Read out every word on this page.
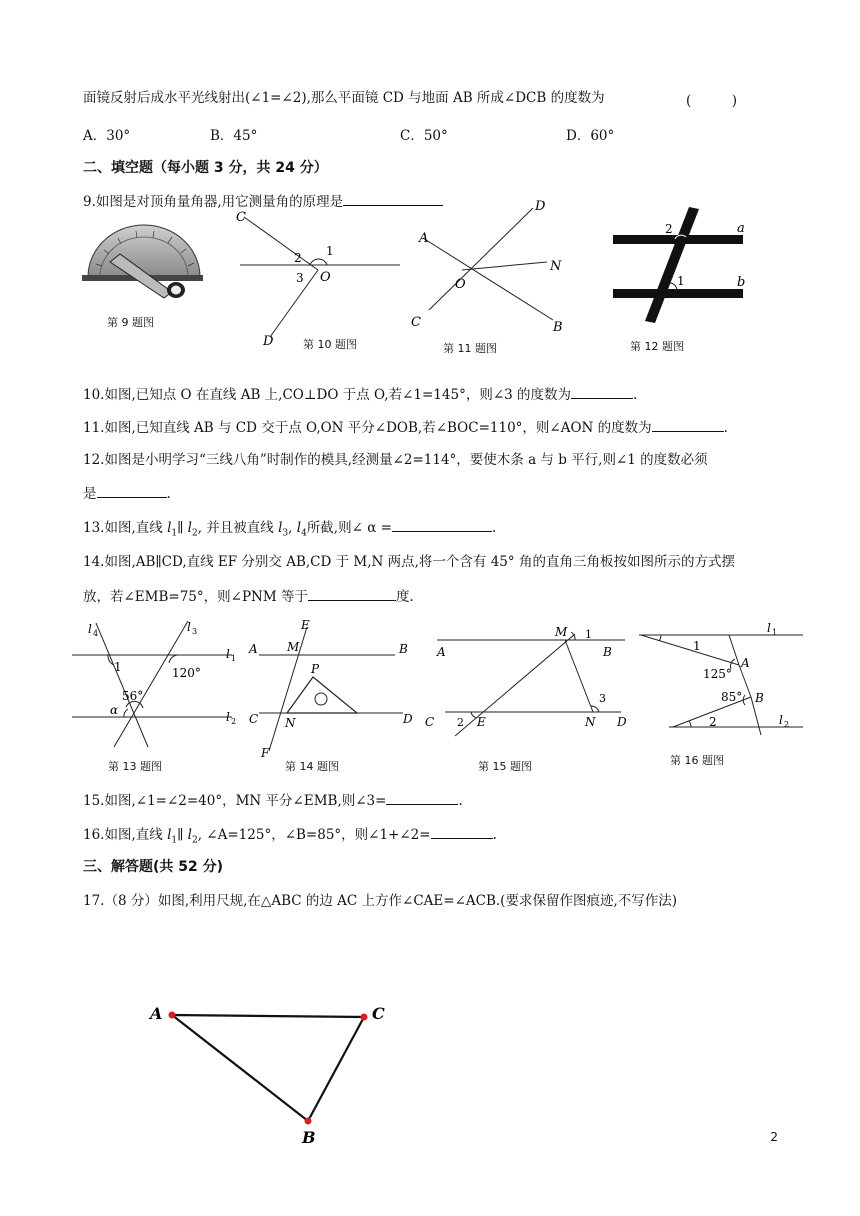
面镜反射后成水平光线射出(∠1=∠2),那么平面镜 CD 与地面 AB 所成∠DCB 的度数为	(　　　)
A．30°	B．45°	C．50°	D．60°
二、填空题（每小题 3 分，共 24 分）
9.如图是对顶角量角器,用它测量角的原理是
第 9 题图
C
D
O
1
2
3
第 10 题图
A
B
C
D
N
O
第 11 题图
2
1
a
b
第 12 题图
10.如图,已知点 O 在直线 AB 上,CO⊥DO 于点 O,若∠1=145°，则∠3 的度数为	.
11.如图,已知直线 AB 与 CD 交于点 O,ON 平分∠DOB,若∠BOC=110°，则∠AON 的度数为	.
12.如图是小明学习“三线八角”时制作的模具,经测量∠2=114°，要使木条 a 与 b 平行,则∠1 的度数必须
是	.
13.如图,直线 $l_1\parallel$ $l_2$, 并且被直线 $l_3$, $l_4$所截,则∠ α =	.
14.如图,AB∥CD,直线 EF 分别交 AB,CD 于 M,N 两点,将一个含有 45° 角的直角三角板按如图所示的方式摆
放，若∠EMB=75°，则∠PNM 等于	度.
l 4	l 3
l 1
l 2
1	120°
56°
α
第 13 题图
A	B
C	D
E
F
M
N
P
第 14 题图
A	B
C	D
E
M
N
1
2
3
第 15 题图
l 1
l 2
A
B
1
2
125°
85°
第 16 题图
15.如图,∠1=∠2=40°，MN 平分∠EMB,则∠3=	.
16.如图,直线 $l_1\parallel$ $l_2$, ∠A=125°，∠B=85°，则∠1+∠2=	.
三、解答题(共 52 分)
17.（8 分）如图,利用尺规,在△ABC 的边 AC 上方作∠CAE=∠ACB.(要求保留作图痕迹,不写作法)
A	C
B	2
